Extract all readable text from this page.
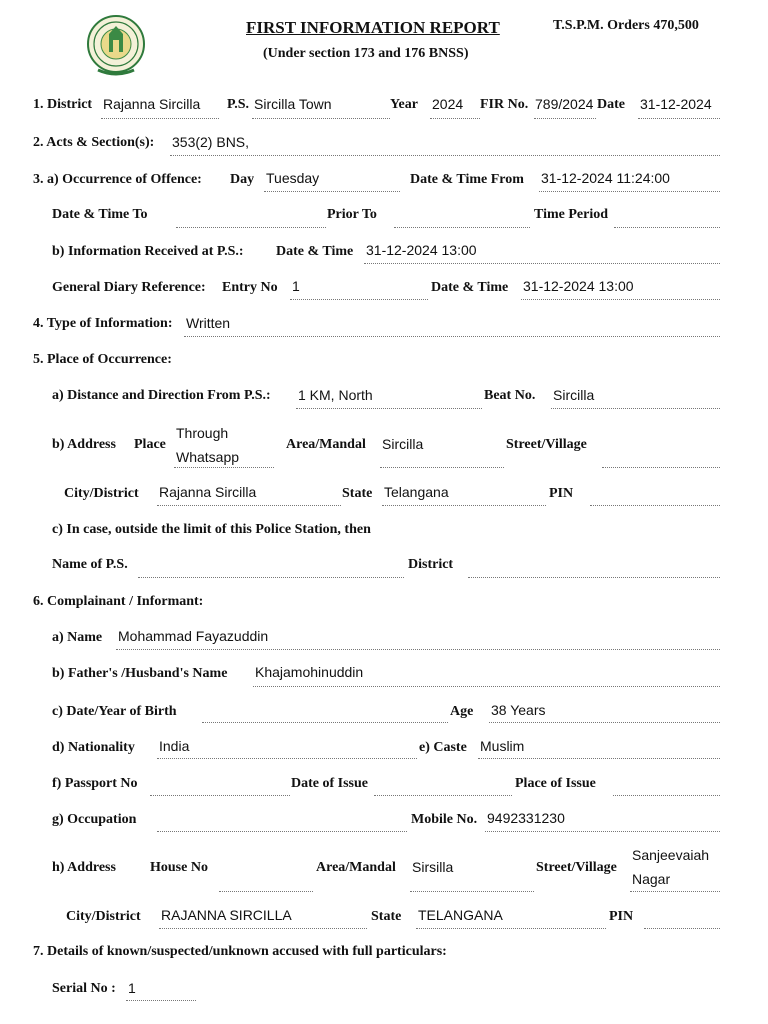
FIRST INFORMATION REPORT
(Under section 173 and 176 BNSS)
T.S.P.M. Orders 470,500
1. District Rajanna Sircilla P.S. Sircilla Town	Year 2024 FIR No. 789/2024 Date 31-12-2024
2. Acts & Section(s): 353(2) BNS,
3. a) Occurrence of Offence: Day Tuesday	Date & Time From 31-12-2024 11:24:00
Date & Time To	Prior To	Time Period
b) Information Received at P.S.: Date & Time 31-12-2024 13:00
General Diary Reference: Entry No 1	Date & Time 31-12-2024 13:00
4. Type of Information: Written
5. Place of Occurrence:
a) Distance and Direction From P.S.: 1 KM, North	Beat No. Sircilla
b) Address Place
Through Whatsapp
Area/Mandal Sircilla	Street/Village
City/District Rajanna Sircilla	State Telangana	PIN
c) In case, outside the limit of this Police Station, then
Name of P.S.	District
6. Complainant / Informant:
a) Name Mohammad Fayazuddin
b) Father's /Husband's Name Khajamohinuddin
c) Date/Year of Birth	Age 38 Years
d) Nationality India	e) Caste Muslim
f) Passport No	Date of Issue	Place of Issue
g) Occupation	Mobile No. 9492331230
h) Address House No	Area/Mandal Sirsilla	Street/Village
Sanjeevaiah Nagar
City/District RAJANNA SIRCILLA	State TELANGANA	PIN
7. Details of known/suspected/unknown accused with full particulars:
Serial No : 1
